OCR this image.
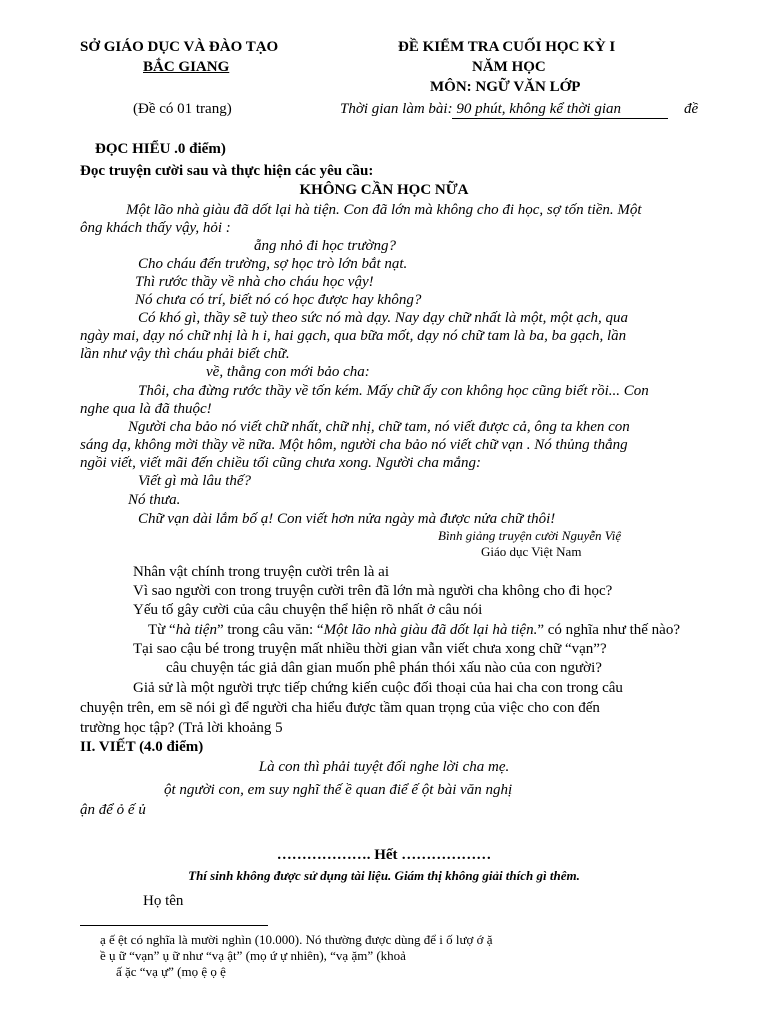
SỞ GIÁO DỤC VÀ ĐÀO TẠO
BẮC GIANG
(Đề có 01 trang)
ĐỀ KIỂM TRA CUỐI HỌC KỲ I
NĂM HỌC
MÔN: NGỮ VĂN LỚP
Thời gian làm bài: 90 phút, không kể thời gian	đề
ĐỌC HIỂU .0 điểm)
Đọc truyện cười sau và thực hiện các yêu cầu:
KHÔNG CẦN HỌC NỮA
Một lão nhà giàu đã dốt lại hà tiện. Con đã lớn mà không cho đi học, sợ tốn tiền. Một
ông khách thấy vậy, hỏi :
ẵng nhỏ đi học trường?
Cho cháu đến trường, sợ học trò lớn bắt nạt.
Thì rước thầy về nhà cho cháu học vậy!
Nó chưa có trí, biết nó có học được hay không?
Có khó gì, thầy sẽ tuỳ theo sức nó mà dạy. Nay dạy chữ nhất là một, một ạch, qua
ngày mai, dạy nó chữ nhị là h i, hai gạch, qua bữa mốt, dạy nó chữ tam là ba, ba gạch, lần
lần như vậy thì cháu phải biết chữ.
về, thằng con mới bảo cha:
Thôi, cha đừng rước thầy về tốn kém. Mấy chữ ấy con không học cũng biết rồi... Con
nghe qua là đã thuộc!
Người cha bảo nó viết chữ nhất, chữ nhị, chữ tam, nó viết được cả, ông ta khen con
sáng dạ, không mời thầy về nữa. Một hôm, người cha bảo nó viết chữ vạn . Nó thủng thẳng
ngồi viết, viết mãi đến chiều tối cũng chưa xong. Người cha mắng:
Viết gì mà lâu thế?
Nó thưa.
Chữ vạn dài lắm bố ạ! Con viết hơn nửa ngày mà được nửa chữ thôi!
Bình giảng truyện cười Nguyễn Việ
Giáo dục Việt Nam
Nhân vật chính trong truyện cười trên là ai
Vì sao người con trong truyện cười trên đã lớn mà người cha không cho đi học?
Yếu tố gây cười của câu chuyện thể hiện rõ nhất ở câu nói
Từ “hà tiện” trong câu văn: “Một lão nhà giàu đã dốt lại hà tiện.” có nghĩa như thế nào?
Tại sao cậu bé trong truyện mất nhiều thời gian vẫn viết chưa xong chữ “vạn”?
câu chuyện tác giả dân gian muốn phê phán thói xấu nào của con người?
Giả sử là một người trực tiếp chứng kiến cuộc đối thoại của hai cha con trong câu
chuyện trên, em sẽ nói gì để người cha hiểu được tầm quan trọng của việc cho con đến
trường học tập? (Trả lời khoảng 5
II. VIẾT (4.0 điểm)
Là con thì phải tuyệt đối nghe lời cha mẹ.
ột người con, em suy nghĩ thế ề quan điể ế ột bài văn nghị
ận để ỏ ế ủ
………………. Hết ………………
Thí sinh không được sử dụng tài liệu. Giám thị không giải thích gì thêm.
Họ tên
ạ ế ệt có nghĩa là mười nghìn (10.000). Nó thường được dùng để i ố lượ ớ ặ
ề ụ ữ “vạn” ụ ữ như “vạ ật” (mọ ứ ự nhiên), “vạ ặm” (khoả
ấ ặc “vạ ự” (mọ ệ ọ ệ
